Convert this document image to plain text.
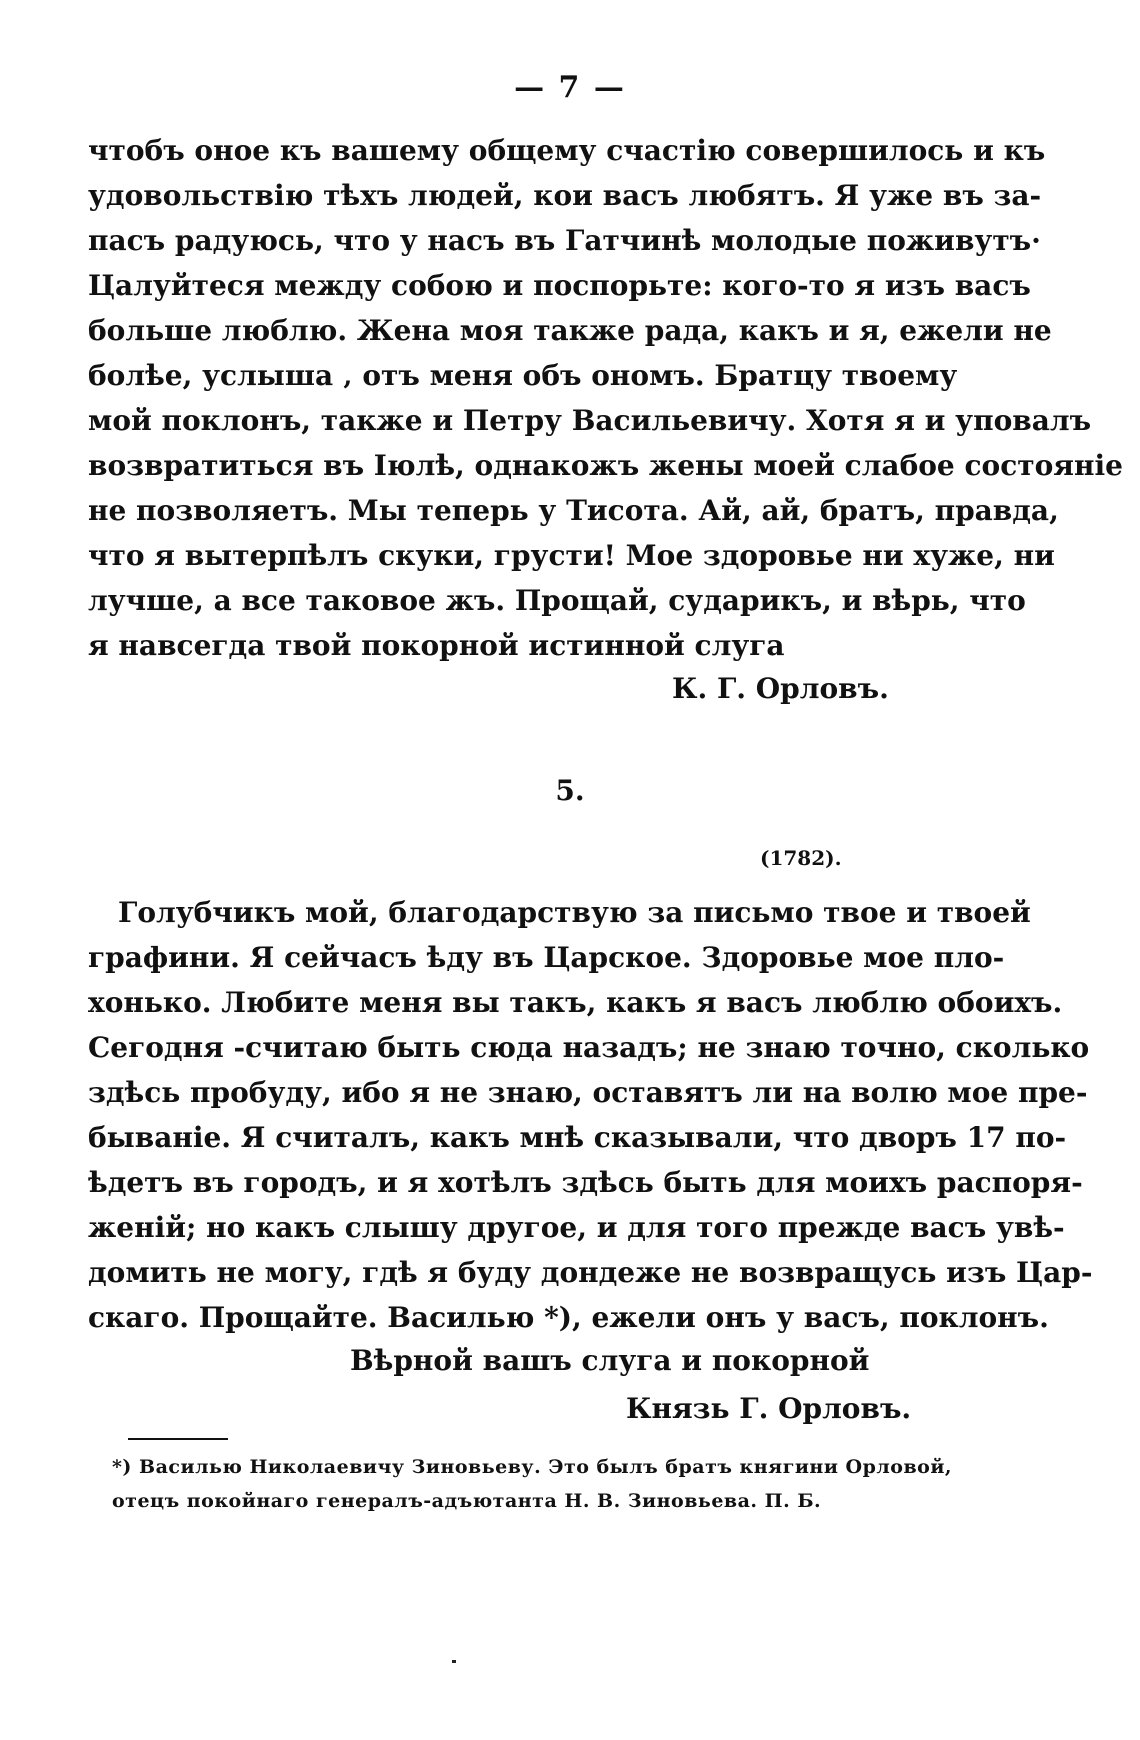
— 7 —
чтобъ оное къ вашему общему счастію совершилось и къ
удовольствію тѣхъ людей, кои васъ любятъ. Я уже въ за-
пасъ радуюсь, что у насъ въ Гатчинѣ молодые поживутъ·
Цалуйтеся между собою и поспорьте: кого-то я изъ васъ
больше люблю. Жена моя также рада, какъ и я, ежели не
болѣе, услыша ‚ отъ меня объ ономъ. Братцу твоему
мой поклонъ, также и Петру Васильевичу. Хотя я и уповалъ
возвратиться въ Іюлѣ, однакожъ жены моей слабое состояніе
не позволяетъ. Мы теперь у Тисота. Ай, ай, братъ, правда,
что я вытерпѣлъ скуки, грусти! Мое здоровье ни хуже, ни
лучше, а все таковое жъ. Прощай, сударикъ, и вѣрь, что
я навсегда твой покорной истинной слуга
К. Г. Орловъ.
5.
(1782).
Голубчикъ мой, благодарствую за письмо твое и твоей
графини. Я сейчасъ ѣду въ Царское. Здоровье мое пло-
хонько. Любите меня вы такъ, какъ я васъ люблю обоихъ.
Сегодня ‑считаю быть сюда назадъ; не знаю точно, сколько
здѣсь пробуду, ибо я не знаю, оставятъ ли на волю мое пре-
бываніе. Я считалъ, какъ мнѣ сказывали, что дворъ 17 по-
ѣдетъ въ городъ, и я хотѣлъ здѣсь быть для моихъ распоря-
женій; но какъ слышу другое, и для того прежде васъ увѣ-
домить не могу, гдѣ я буду дондеже не возвращусь изъ Цар-
скаго. Прощайте. Василью *), ежели онъ у васъ, поклонъ.
Вѣрной вашъ слуга и покорной
Князь Г. Орловъ.
*) Василью Николаевичу Зиновьеву. Это былъ братъ княгини Орловой,
отецъ покойнаго генералъ-адъютанта Н. В. Зиновьева. П. Б.
